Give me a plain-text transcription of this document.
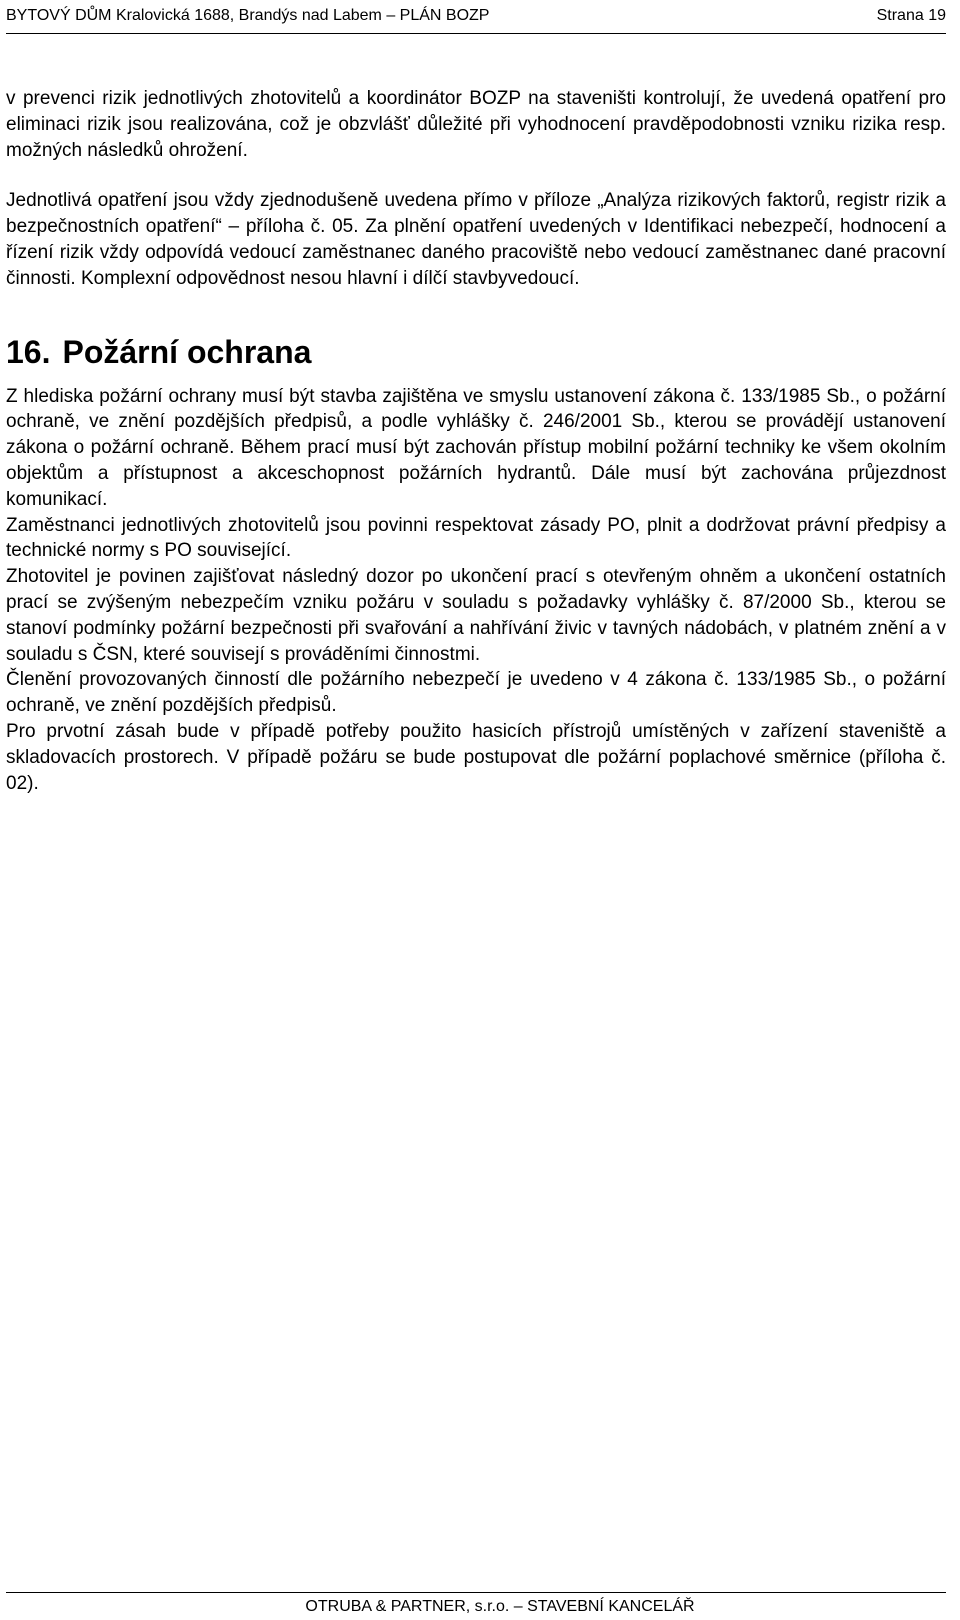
BYTOVÝ DŮM Kralovická 1688, Brandýs nad Labem – PLÁN BOZP	Strana 19

v prevenci rizik jednotlivých zhotovitelů a koordinátor BOZP na staveništi kontrolují, že uvedená opatření pro eliminaci rizik jsou realizována, což je obzvlášť důležité při vyhodnocení pravděpodobnosti vzniku rizika resp. možných následků ohrožení.

Jednotlivá opatření jsou vždy zjednodušeně uvedena přímo v příloze „Analýza rizikových faktorů, registr rizik a bezpečnostních opatření“ – příloha č. 05. Za plnění opatření uvedených v Identifikaci nebezpečí, hodnocení a řízení rizik vždy odpovídá vedoucí zaměstnanec daného pracoviště nebo vedoucí zaměstnanec dané pracovní činnosti. Komplexní odpovědnost nesou hlavní i dílčí stavbyvedoucí.

16. Požární ochrana

Z hlediska požární ochrany musí být stavba zajištěna ve smyslu ustanovení zákona č. 133/1985 Sb., o požární ochraně, ve znění pozdějších předpisů, a podle vyhlášky č. 246/2001 Sb., kterou se provádějí ustanovení zákona o požární ochraně. Během prací musí být zachován přístup mobilní požární techniky ke všem okolním objektům a přístupnost a akceschopnost požárních hydrantů. Dále musí být zachována průjezdnost komunikací.

Zaměstnanci jednotlivých zhotovitelů jsou povinni respektovat zásady PO, plnit a dodržovat právní předpisy a technické normy s PO související.

Zhotovitel je povinen zajišťovat následný dozor po ukončení prací s otevřeným ohněm a ukončení ostatních prací se zvýšeným nebezpečím vzniku požáru v souladu s požadavky vyhlášky č. 87/2000 Sb., kterou se stanoví podmínky požární bezpečnosti při svařování a nahřívání živic v tavných nádobách, v platném znění a v souladu s ČSN, které souvisejí s prováděními činnostmi.

Členění provozovaných činností dle požárního nebezpečí je uvedeno v 4 zákona č. 133/1985 Sb., o požární ochraně, ve znění pozdějších předpisů.

Pro prvotní zásah bude v případě potřeby použito hasicích přístrojů umístěných v zařízení staveniště a skladovacích prostorech. V případě požáru se bude postupovat dle požární poplachové směrnice (příloha č. 02).

OTRUBA & PARTNER, s.r.o. – STAVEBNÍ KANCELÁŘ
